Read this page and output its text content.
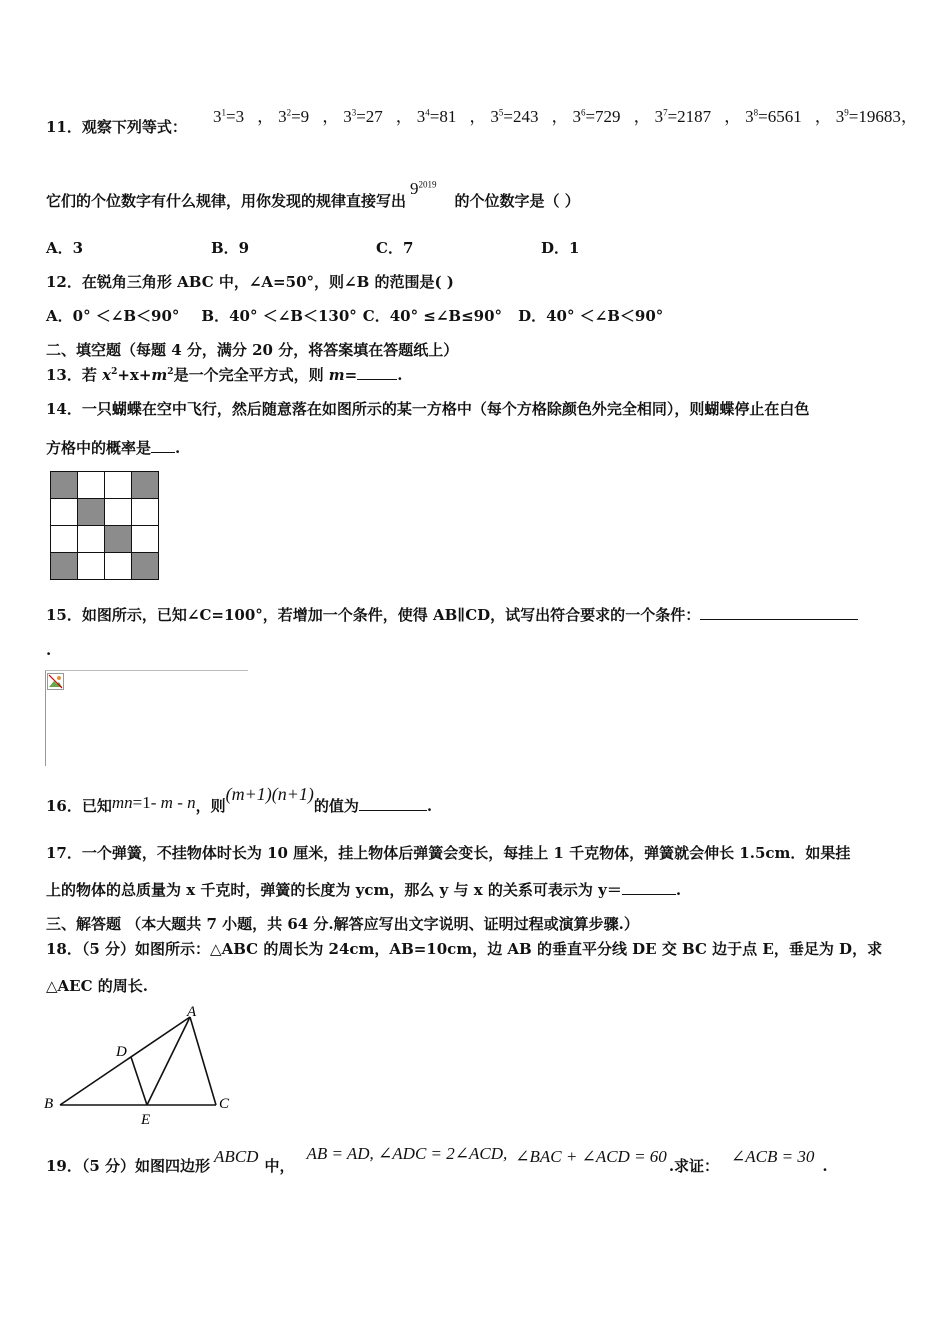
11．观察下列等式：
$3^1=3$ ， $3^2=9$ ， $3^3=27$ ， $3^4=81$ ， $3^5=243$ ， $3^6=729$ ， $3^7=2187$ ， $3^8=6561$ ， $3^9=19683$，
它们的个位数字有什么规律，用你发现的规律直接写出$9^{2019}$的个位数字是（ ）
A．3	B．9	C．7	D．1
12．在锐角三角形 ABC 中，∠A=50°，则∠B 的范围是( )
A．0° ＜∠B＜90° B．40° ＜∠B＜130° C．40° ≤∠B≤90° D．40° ＜∠B＜90°
二、填空题（每题 4 分，满分 20 分，将答案填在答题纸上）
13．若 $x^2+x+m^2$是一个完全平方式，则 m=	.
14．一只蝴蝶在空中飞行，然后随意落在如图所示的某一方格中（每个方格除颜色外完全相同），则蝴蝶停止在白色
方格中的概率是 .

15．如图所示，已知∠C=100°，若增加一个条件，使得 AB∥CD，试写出符合要求的一个条件：
.
16．已知mn=1- m - n，则(m+1)(n+1)的值为	.
17．一个弹簧，不挂物体时长为 10 厘米，挂上物体后弹簧会变长，每挂上 1 千克物体，弹簧就会伸长 1.5cm．如果挂
上的物体的总质量为 x 千克时，弹簧的长度为 ycm，那么 y 与 x 的关系可表示为 y＝	.
三、解答题 （本大题共 7 小题，共 64 分.解答应写出文字说明、证明过程或演算步骤.）
18．（5 分）如图所示：△ABC 的周长为 24cm，AB=10cm，边 AB 的垂直平分线 DE 交 BC 边于点 E，垂足为 D，求
△AEC 的周长.
A
B	C
D
E
19．（5 分）如图四边形 ABCD 中，AB = AD, ∠ADC = 2∠ACD, ∠BAC + ∠ACD = 60 .求证： ∠ACB = 30 .
